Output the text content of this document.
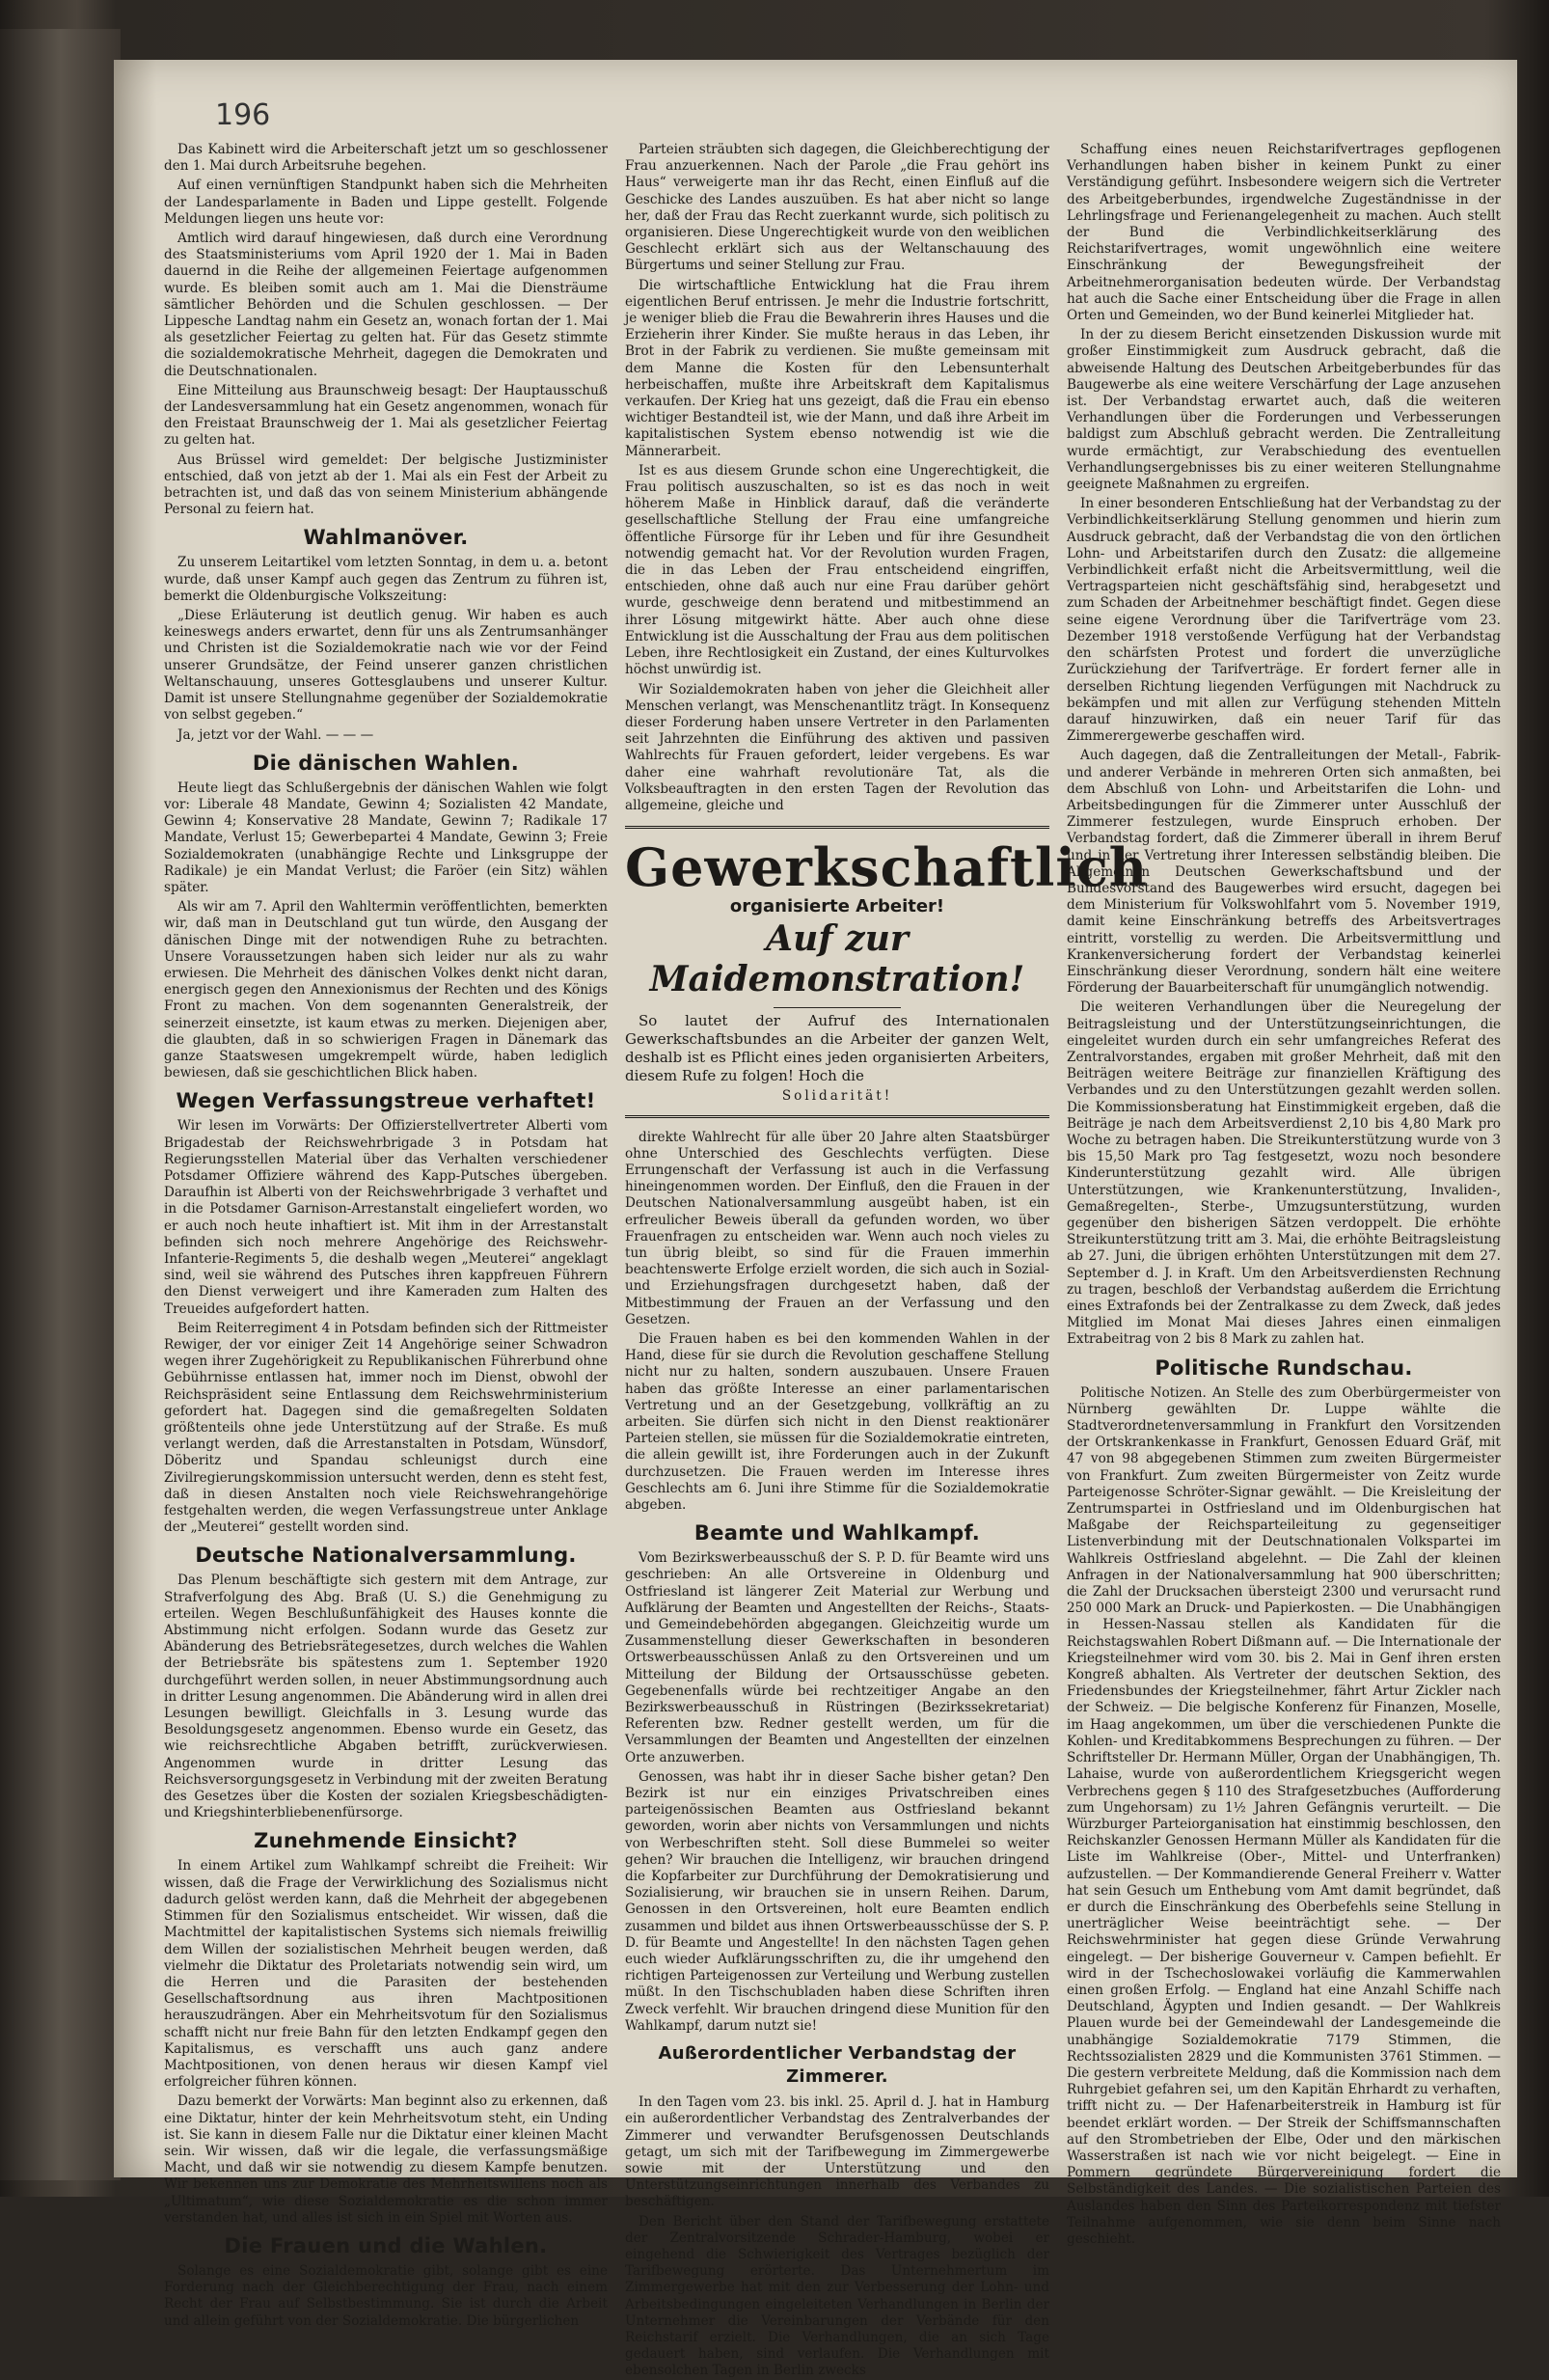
196

Das Kabinett wird die Arbeiterschaft jetzt um so geschlossener den 1. Mai durch Arbeitsruhe begehen.

Auf einen vernünftigen Standpunkt haben sich die Mehrheiten der Landesparlamente in Baden und Lippe gestellt. Folgende Meldungen liegen uns heute vor:

Amtlich wird darauf hingewiesen, daß durch eine Verordnung des Staatsministeriums vom April 1920 der 1. Mai in Baden dauernd in die Reihe der allgemeinen Feiertage aufgenommen wurde. Es bleiben somit auch am 1. Mai die Diensträume sämtlicher Behörden und die Schulen geschlossen. — Der Lippesche Landtag nahm ein Gesetz an, wonach fortan der 1. Mai als gesetzlicher Feiertag zu gelten hat. Für das Gesetz stimmte die sozialdemokratische Mehrheit, dagegen die Demokraten und die Deutschnationalen.

Eine Mitteilung aus Braunschweig besagt: Der Hauptausschuß der Landesversammlung hat ein Gesetz angenommen, wonach für den Freistaat Braunschweig der 1. Mai als gesetzlicher Feiertag zu gelten hat.

Aus Brüssel wird gemeldet: Der belgische Justizminister entschied, daß von jetzt ab der 1. Mai als ein Fest der Arbeit zu betrachten ist, und daß das von seinem Ministerium abhängende Personal zu feiern hat.

Wahlmanöver.

Zu unserem Leitartikel vom letzten Sonntag, in dem u. a. betont wurde, daß unser Kampf auch gegen das Zentrum zu führen ist, bemerkt die Oldenburgische Volkszeitung:

„Diese Erläuterung ist deutlich genug. Wir haben es auch keineswegs anders erwartet, denn für uns als Zentrumsanhänger und Christen ist die Sozialdemokratie nach wie vor der Feind unserer Grundsätze, der Feind unserer ganzen christlichen Weltanschauung, unseres Gottesglaubens und unserer Kultur. Damit ist unsere Stellungnahme gegenüber der Sozialdemokratie von selbst gegeben.“

Ja, jetzt vor der Wahl. — — —

Die dänischen Wahlen.

Heute liegt das Schlußergebnis der dänischen Wahlen wie folgt vor: Liberale 48 Mandate, Gewinn 4; Sozialisten 42 Mandate, Gewinn 4; Konservative 28 Mandate, Gewinn 7; Radikale 17 Mandate, Verlust 15; Gewerbepartei 4 Mandate, Gewinn 3; Freie Sozialdemokraten (unabhängige Rechte und Linksgruppe der Radikale) je ein Mandat Verlust; die Faröer (ein Sitz) wählen später.

Als wir am 7. April den Wahltermin veröffentlichten, bemerkten wir, daß man in Deutschland gut tun würde, den Ausgang der dänischen Dinge mit der notwendigen Ruhe zu betrachten. Unsere Voraussetzungen haben sich leider nur als zu wahr erwiesen. Die Mehrheit des dänischen Volkes denkt nicht daran, energisch gegen den Annexionismus der Rechten und des Königs Front zu machen. Von dem sogenannten Generalstreik, der seinerzeit einsetzte, ist kaum etwas zu merken. Diejenigen aber, die glaubten, daß in so schwierigen Fragen in Dänemark das ganze Staatswesen umgekrempelt würde, haben lediglich bewiesen, daß sie geschichtlichen Blick haben.

Wegen Verfassungstreue verhaftet!

Wir lesen im Vorwärts: Der Offizierstellvertreter Alberti vom Brigadestab der Reichswehrbrigade 3 in Potsdam hat Regierungsstellen Material über das Verhalten verschiedener Potsdamer Offiziere während des Kapp-Putsches übergeben. Daraufhin ist Alberti von der Reichswehrbrigade 3 verhaftet und in die Potsdamer Garnison-Arrestanstalt eingeliefert worden, wo er auch noch heute inhaftiert ist. Mit ihm in der Arrestanstalt befinden sich noch mehrere Angehörige des Reichswehr-Infanterie-Regiments 5, die deshalb wegen „Meuterei“ angeklagt sind, weil sie während des Putsches ihren kappfreuen Führern den Dienst verweigert und ihre Kameraden zum Halten des Treueides aufgefordert hatten.

Beim Reiterregiment 4 in Potsdam befinden sich der Rittmeister Rewiger, der vor einiger Zeit 14 Angehörige seiner Schwadron wegen ihrer Zugehörigkeit zu Republikanischen Führerbund ohne Gebührnisse entlassen hat, immer noch im Dienst, obwohl der Reichspräsident seine Entlassung dem Reichswehrministerium gefordert hat. Dagegen sind die gemaßregelten Soldaten größtenteils ohne jede Unterstützung auf der Straße. Es muß verlangt werden, daß die Arrestanstalten in Potsdam, Wünsdorf, Döberitz und Spandau schleunigst durch eine Zivilregierungskommission untersucht werden, denn es steht fest, daß in diesen Anstalten noch viele Reichswehrangehörige festgehalten werden, die wegen Verfassungstreue unter Anklage der „Meuterei“ gestellt worden sind.

Deutsche Nationalversammlung.

Das Plenum beschäftigte sich gestern mit dem Antrage, zur Strafverfolgung des Abg. Braß (U. S.) die Genehmigung zu erteilen. Wegen Beschlußunfähigkeit des Hauses konnte die Abstimmung nicht erfolgen. Sodann wurde das Gesetz zur Abänderung des Betriebsrätegesetzes, durch welches die Wahlen der Betriebsräte bis spätestens zum 1. September 1920 durchgeführt werden sollen, in neuer Abstimmungsordnung auch in dritter Lesung angenommen. Die Abänderung wird in allen drei Lesungen bewilligt. Gleichfalls in 3. Lesung wurde das Besoldungsgesetz angenommen. Ebenso wurde ein Gesetz, das wie reichsrechtliche Abgaben betrifft, zurückverwiesen. Angenommen wurde in dritter Lesung das Reichsversorgungsgesetz in Verbindung mit der zweiten Beratung des Gesetzes über die Kosten der sozialen Kriegsbeschädigten- und Kriegshinterbliebenenfürsorge.

Zunehmende Einsicht?

In einem Artikel zum Wahlkampf schreibt die Freiheit: Wir wissen, daß die Frage der Verwirklichung des Sozialismus nicht dadurch gelöst werden kann, daß die Mehrheit der abgegebenen Stimmen für den Sozialismus entscheidet. Wir wissen, daß die Machtmittel der kapitalistischen Systems sich niemals freiwillig dem Willen der sozialistischen Mehrheit beugen werden, daß vielmehr die Diktatur des Proletariats notwendig sein wird, um die Herren und die Parasiten der bestehenden Gesellschaftsordnung aus ihren Machtpositionen herauszudrängen. Aber ein Mehrheitsvotum für den Sozialismus schafft nicht nur freie Bahn für den letzten Endkampf gegen den Kapitalismus, es verschafft uns auch ganz andere Machtpositionen, von denen heraus wir diesen Kampf viel erfolgreicher führen können.

Dazu bemerkt der Vorwärts: Man beginnt also zu erkennen, daß eine Diktatur, hinter der kein Mehrheitsvotum steht, ein Unding ist. Sie kann in diesem Falle nur die Diktatur einer kleinen Macht sein. Wir wissen, daß wir die legale, die verfassungsmäßige Macht, und daß wir sie notwendig zu diesem Kampfe benutzen. Wir bekennen uns zur Demokratie des Mehrheitswillens noch als „Ultimatum“, wie diese Sozialdemokratie es die schon immer verstanden hat, und alles ist sich in ein Spiel mit Worten aus.

Die Frauen und die Wahlen.

Solange es eine Sozialdemokratie gibt, solange gibt es eine Forderung nach der Gleichberechtigung der Frau, nach einem Recht der Frau auf Selbstbestimmung. Sie ist durch die Arbeit und allein geführt von der Sozialdemokratie. Die bürgerlichen

Parteien sträubten sich dagegen, die Gleichberechtigung der Frau anzuerkennen. Nach der Parole „die Frau gehört ins Haus“ verweigerte man ihr das Recht, einen Einfluß auf die Geschicke des Landes auszuüben. Es hat aber nicht so lange her, daß der Frau das Recht zuerkannt wurde, sich politisch zu organisieren. Diese Ungerechtigkeit wurde von den weiblichen Geschlecht erklärt sich aus der Weltanschauung des Bürgertums und seiner Stellung zur Frau.

Die wirtschaftliche Entwicklung hat die Frau ihrem eigentlichen Beruf entrissen. Je mehr die Industrie fortschritt, je weniger blieb die Frau die Bewahrerin ihres Hauses und die Erzieherin ihrer Kinder. Sie mußte heraus in das Leben, ihr Brot in der Fabrik zu verdienen. Sie mußte gemeinsam mit dem Manne die Kosten für den Lebensunterhalt herbeischaffen, mußte ihre Arbeitskraft dem Kapitalismus verkaufen. Der Krieg hat uns gezeigt, daß die Frau ein ebenso wichtiger Bestandteil ist, wie der Mann, und daß ihre Arbeit im kapitalistischen System ebenso notwendig ist wie die Männerarbeit.

Ist es aus diesem Grunde schon eine Ungerechtigkeit, die Frau politisch auszuschalten, so ist es das noch in weit höherem Maße in Hinblick darauf, daß die veränderte gesellschaftliche Stellung der Frau eine umfangreiche öffentliche Fürsorge für ihr Leben und für ihre Gesundheit notwendig gemacht hat. Vor der Revolution wurden Fragen, die in das Leben der Frau entscheidend eingriffen, entschieden, ohne daß auch nur eine Frau darüber gehört wurde, geschweige denn beratend und mitbestimmend an ihrer Lösung mitgewirkt hätte. Aber auch ohne diese Entwicklung ist die Ausschaltung der Frau aus dem politischen Leben, ihre Rechtlosigkeit ein Zustand, der eines Kulturvolkes höchst unwürdig ist.

Wir Sozialdemokraten haben von jeher die Gleichheit aller Menschen verlangt, was Menschenantlitz trägt. In Konsequenz dieser Forderung haben unsere Vertreter in den Parlamenten seit Jahrzehnten die Einführung des aktiven und passiven Wahlrechts für Frauen gefordert, leider vergebens. Es war daher eine wahrhaft revolutionäre Tat, als die Volksbeauftragten in den ersten Tagen der Revolution das allgemeine, gleiche und

Gewerkschaftlich
organisierte Arbeiter!
Auf zur Maidemonstration!

So lautet der Aufruf des Internationalen Gewerkschaftsbundes an die Arbeiter der ganzen Welt, deshalb ist es Pflicht eines jeden organisierten Arbeiters, diesem Rufe zu folgen! Hoch die

Solidarität!

direkte Wahlrecht für alle über 20 Jahre alten Staatsbürger ohne Unterschied des Geschlechts verfügten. Diese Errungenschaft der Verfassung ist auch in die Verfassung hineingenommen worden. Der Einfluß, den die Frauen in der Deutschen Nationalversammlung ausgeübt haben, ist ein erfreulicher Beweis überall da gefunden worden, wo über Frauenfragen zu entscheiden war. Wenn auch noch vieles zu tun übrig bleibt, so sind für die Frauen immerhin beachtenswerte Erfolge erzielt worden, die sich auch in Sozial- und Erziehungsfragen durchgesetzt haben, daß der Mitbestimmung der Frauen an der Verfassung und den Gesetzen.

Die Frauen haben es bei den kommenden Wahlen in der Hand, diese für sie durch die Revolution geschaffene Stellung nicht nur zu halten, sondern auszubauen. Unsere Frauen haben das größte Interesse an einer parlamentarischen Vertretung und an der Gesetzgebung, vollkräftig an zu arbeiten. Sie dürfen sich nicht in den Dienst reaktionärer Parteien stellen, sie müssen für die Sozialdemokratie eintreten, die allein gewillt ist, ihre Forderungen auch in der Zukunft durchzusetzen. Die Frauen werden im Interesse ihres Geschlechts am 6. Juni ihre Stimme für die Sozialdemokratie abgeben.

Beamte und Wahlkampf.

Vom Bezirkswerbeausschuß der S. P. D. für Beamte wird uns geschrieben: An alle Ortsvereine in Oldenburg und Ostfriesland ist längerer Zeit Material zur Werbung und Aufklärung der Beamten und Angestellten der Reichs-, Staats- und Gemeindebehörden abgegangen. Gleichzeitig wurde um Zusammenstellung dieser Gewerkschaften in besonderen Ortswerbeausschüssen Anlaß zu den Ortsvereinen und um Mitteilung der Bildung der Ortsausschüsse gebeten. Gegebenenfalls würde bei rechtzeitiger Angabe an den Bezirkswerbeausschuß in Rüstringen (Bezirkssekretariat) Referenten bzw. Redner gestellt werden, um für die Versammlungen der Beamten und Angestellten der einzelnen Orte anzuwerben.

Genossen, was habt ihr in dieser Sache bisher getan? Den Bezirk ist nur ein einziges Privatschreiben eines parteigenössischen Beamten aus Ostfriesland bekannt geworden, worin aber nichts von Versammlungen und nichts von Werbeschriften steht. Soll diese Bummelei so weiter gehen? Wir brauchen die Intelligenz, wir brauchen dringend die Kopfarbeiter zur Durchführung der Demokratisierung und Sozialisierung, wir brauchen sie in unsern Reihen. Darum, Genossen in den Ortsvereinen, holt eure Beamten endlich zusammen und bildet aus ihnen Ortswerbeausschüsse der S. P. D. für Beamte und Angestellte! In den nächsten Tagen gehen euch wieder Aufklärungsschriften zu, die ihr umgehend den richtigen Parteigenossen zur Verteilung und Werbung zustellen müßt. In den Tischschubladen haben diese Schriften ihren Zweck verfehlt. Wir brauchen dringend diese Munition für den Wahlkampf, darum nutzt sie!

Außerordentlicher Verbandstag der Zimmerer.

In den Tagen vom 23. bis inkl. 25. April d. J. hat in Hamburg ein außerordentlicher Verbandstag des Zentralverbandes der Zimmerer und verwandter Berufsgenossen Deutschlands getagt, um sich mit der Tarifbewegung im Zimmergewerbe sowie mit der Unterstützung und den Unterstützungseinrichtungen innerhalb des Verbandes zu beschäftigen.

Den Bericht über den Stand der Tarifbewegung erstattete der Zentralvorsitzende Schrader-Hamburg, wobei er eingehend die Schwierigkeit des Vertrages bezüglich der Tarifbewegung erörterte. Das Unternehmertum im Zimmergewerbe hat mit den zur Verbesserung der Lohn- und Arbeitsbedingungen eingeleiteten Verhandlungen in Berlin der Unternehmer die Vereinbarungen der Verbände für den Reichstarif erzielt. Die Verhandlungen, die an sich Tage gedauert haben, sind verlaufen. Die Verhandlungen mit ebensolchen Tagen in Berlin zwecks

Schaffung eines neuen Reichstarifvertrages gepflogenen Verhandlungen haben bisher in keinem Punkt zu einer Verständigung geführt. Insbesondere weigern sich die Vertreter des Arbeitgeberbundes, irgendwelche Zugeständnisse in der Lehrlingsfrage und Ferienangelegenheit zu machen. Auch stellt der Bund die Verbindlichkeitserklärung des Reichstarifvertrages, womit ungewöhnlich eine weitere Einschränkung der Bewegungsfreiheit der Arbeitnehmerorganisation bedeuten würde. Der Verbandstag hat auch die Sache einer Entscheidung über die Frage in allen Orten und Gemeinden, wo der Bund keinerlei Mitglieder hat.

In der zu diesem Bericht einsetzenden Diskussion wurde mit großer Einstimmigkeit zum Ausdruck gebracht, daß die abweisende Haltung des Deutschen Arbeitgeberbundes für das Baugewerbe als eine weitere Verschärfung der Lage anzusehen ist. Der Verbandstag erwartet auch, daß die weiteren Verhandlungen über die Forderungen und Verbesserungen baldigst zum Abschluß gebracht werden. Die Zentralleitung wurde ermächtigt, zur Verabschiedung des eventuellen Verhandlungsergebnisses bis zu einer weiteren Stellungnahme geeignete Maßnahmen zu ergreifen.

In einer besonderen Entschließung hat der Verbandstag zu der Verbindlichkeitserklärung Stellung genommen und hierin zum Ausdruck gebracht, daß der Verbandstag die von den örtlichen Lohn- und Arbeitstarifen durch den Zusatz: die allgemeine Verbindlichkeit erfaßt nicht die Arbeitsvermittlung, weil die Vertragsparteien nicht geschäftsfähig sind, herabgesetzt und zum Schaden der Arbeitnehmer beschäftigt findet. Gegen diese seine eigene Verordnung über die Tarifverträge vom 23. Dezember 1918 verstoßende Verfügung hat der Verbandstag den schärfsten Protest und fordert die unverzügliche Zurückziehung der Tarifverträge. Er fordert ferner alle in derselben Richtung liegenden Verfügungen mit Nachdruck zu bekämpfen und mit allen zur Verfügung stehenden Mitteln darauf hinzuwirken, daß ein neuer Tarif für das Zimmerergewerbe geschaffen wird.

Auch dagegen, daß die Zentralleitungen der Metall-, Fabrik- und anderer Verbände in mehreren Orten sich anmaßten, bei dem Abschluß von Lohn- und Arbeitstarifen die Lohn- und Arbeitsbedingungen für die Zimmerer unter Ausschluß der Zimmerer festzulegen, wurde Einspruch erhoben. Der Verbandstag fordert, daß die Zimmerer überall in ihrem Beruf und in der Vertretung ihrer Interessen selbständig bleiben. Die Allgemeinen Deutschen Gewerkschaftsbund und der Bundesvorstand des Baugewerbes wird ersucht, dagegen bei dem Ministerium für Volkswohlfahrt vom 5. November 1919, damit keine Einschränkung betreffs des Arbeitsvertrages eintritt, vorstellig zu werden. Die Arbeitsvermittlung und Krankenversicherung fordert der Verbandstag keinerlei Einschränkung dieser Verordnung, sondern hält eine weitere Förderung der Bauarbeiterschaft für unumgänglich notwendig.

Die weiteren Verhandlungen über die Neuregelung der Beitragsleistung und der Unterstützungseinrichtungen, die eingeleitet wurden durch ein sehr umfangreiches Referat des Zentralvorstandes, ergaben mit großer Mehrheit, daß mit den Beiträgen weitere Beiträge zur finanziellen Kräftigung des Verbandes und zu den Unterstützungen gezahlt werden sollen. Die Kommissionsberatung hat Einstimmigkeit ergeben, daß die Beiträge je nach dem Arbeitsverdienst 2,10 bis 4,80 Mark pro Woche zu betragen haben. Die Streikunterstützung wurde von 3 bis 15,50 Mark pro Tag festgesetzt, wozu noch besondere Kinderunterstützung gezahlt wird. Alle übrigen Unterstützungen, wie Krankenunterstützung, Invaliden-, Gemaßregelten-, Sterbe-, Umzugsunterstützung, wurden gegenüber den bisherigen Sätzen verdoppelt. Die erhöhte Streikunterstützung tritt am 3. Mai, die erhöhte Beitragsleistung ab 27. Juni, die übrigen erhöhten Unterstützungen mit dem 27. September d. J. in Kraft. Um den Arbeitsverdiensten Rechnung zu tragen, beschloß der Verbandstag außerdem die Errichtung eines Extrafonds bei der Zentralkasse zu dem Zweck, daß jedes Mitglied im Monat Mai dieses Jahres einen einmaligen Extrabeitrag von 2 bis 8 Mark zu zahlen hat.

Politische Rundschau.

Politische Notizen. An Stelle des zum Oberbürgermeister von Nürnberg gewählten Dr. Luppe wählte die Stadtverordnetenversammlung in Frankfurt den Vorsitzenden der Ortskrankenkasse in Frankfurt, Genossen Eduard Gräf, mit 47 von 98 abgegebenen Stimmen zum zweiten Bürgermeister von Frankfurt. Zum zweiten Bürgermeister von Zeitz wurde Parteigenosse Schröter-Signar gewählt. — Die Kreisleitung der Zentrumspartei in Ostfriesland und im Oldenburgischen hat Maßgabe der Reichsparteileitung zu gegenseitiger Listenverbindung mit der Deutschnationalen Volkspartei im Wahlkreis Ostfriesland abgelehnt. — Die Zahl der kleinen Anfragen in der Nationalversammlung hat 900 überschritten; die Zahl der Drucksachen übersteigt 2300 und verursacht rund 250 000 Mark an Druck- und Papierkosten. — Die Unabhängigen in Hessen-Nassau stellen als Kandidaten für die Reichstagswahlen Robert Dißmann auf. — Die Internationale der Kriegsteilnehmer wird vom 30. bis 2. Mai in Genf ihren ersten Kongreß abhalten. Als Vertreter der deutschen Sektion, des Friedensbundes der Kriegsteilnehmer, fährt Artur Zickler nach der Schweiz. — Die belgische Konferenz für Finanzen, Moselle, im Haag angekommen, um über die verschiedenen Punkte die Kohlen- und Kreditabkommens Besprechungen zu führen. — Der Schriftsteller Dr. Hermann Müller, Organ der Unabhängigen, Th. Lahaise, wurde von außerordentlichem Kriegsgericht wegen Verbrechens gegen § 110 des Strafgesetzbuches (Aufforderung zum Ungehorsam) zu 1½ Jahren Gefängnis verurteilt. — Die Würzburger Parteiorganisation hat einstimmig beschlossen, den Reichskanzler Genossen Hermann Müller als Kandidaten für die Liste im Wahlkreise (Ober-, Mittel- und Unterfranken) aufzustellen. — Der Kommandierende General Freiherr v. Watter hat sein Gesuch um Enthebung vom Amt damit begründet, daß er durch die Einschränkung des Oberbefehls seine Stellung in unerträglicher Weise beeinträchtigt sehe. — Der Reichswehrminister hat gegen diese Gründe Verwahrung eingelegt. — Der bisherige Gouverneur v. Campen befiehlt. Er wird in der Tschechoslowakei vorläufig die Kammerwahlen einen großen Erfolg. — England hat eine Anzahl Schiffe nach Deutschland, Ägypten und Indien gesandt. — Der Wahlkreis Plauen wurde bei der Gemeindewahl der Landesgemeinde die unabhängige Sozialdemokratie 7179 Stimmen, die Rechtssozialisten 2829 und die Kommunisten 3761 Stimmen. — Die gestern verbreitete Meldung, daß die Kommission nach dem Ruhrgebiet gefahren sei, um den Kapitän Ehrhardt zu verhaften, trifft nicht zu. — Der Hafenarbeiterstreik in Hamburg ist für beendet erklärt worden. — Der Streik der Schiffsmannschaften auf den Strombetrieben der Elbe, Oder und den märkischen Wasserstraßen ist nach wie vor nicht beigelegt. — Eine in Pommern gegründete Bürgervereinigung fordert die Selbständigkeit des Landes. — Die sozialistischen Parteien des Auslandes haben den Sinn des Parteikorrespondenz mit tiefster Teilnahme aufgenommen, wie sie denn beim Sinne nach geschieht.
